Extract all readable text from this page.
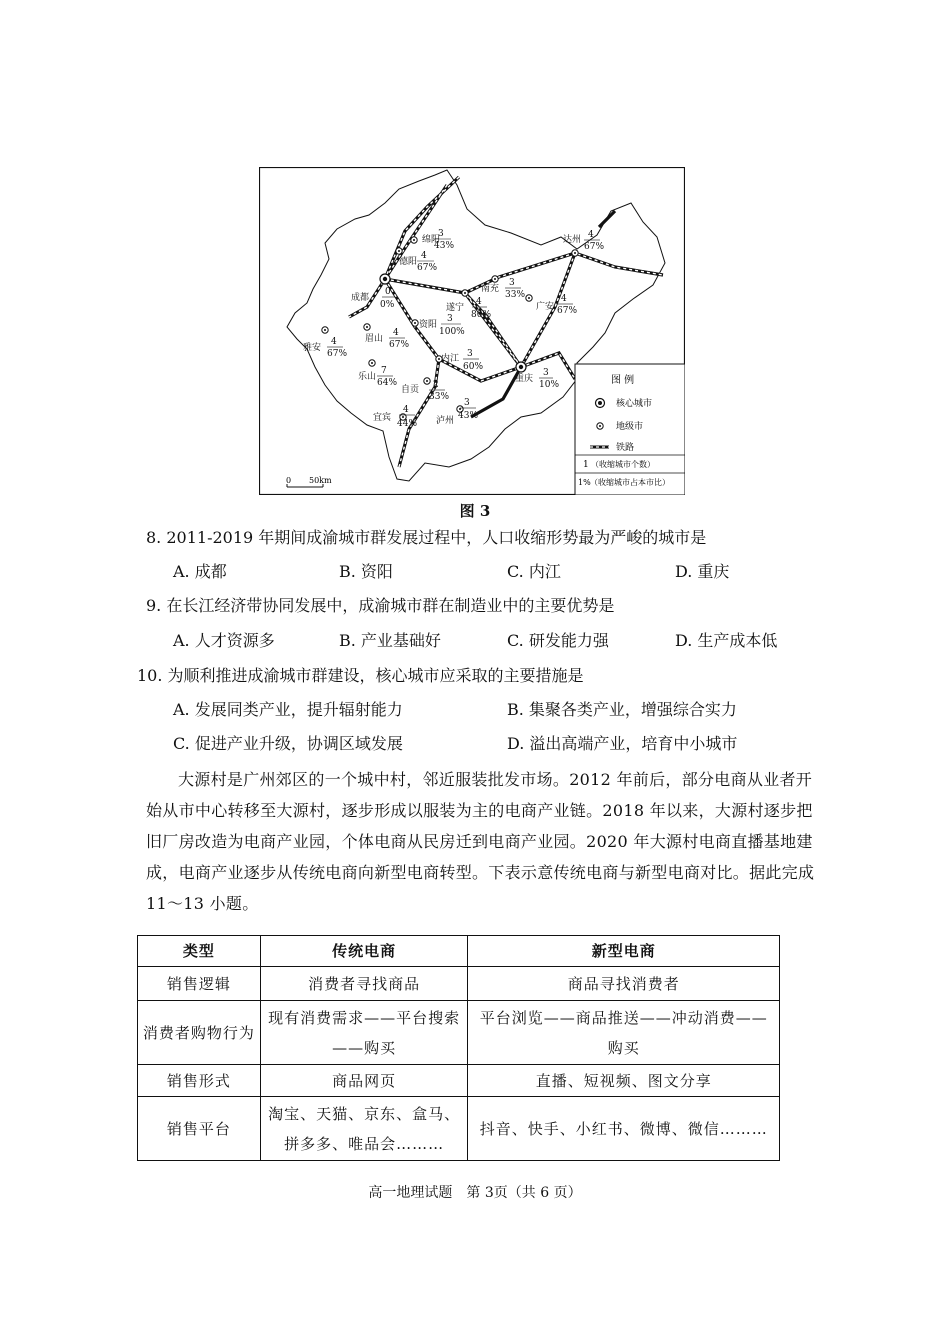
成都
0
0%
重庆
3
10%
绵阳
3
43%
德阳
4
67%
南充
3
33%
遂宁
4
80%
达州 4
67%
广安
4
67%
资阳
3
100%
眉山
4
67%
雅安
4
67%
乐山
7
64%
内江 3
60%
自贡 2
33%
宜宾
4
44% 泸州
3
43%
0 50km
图 例
核心城市
地级市
铁路
1 （收缩城市个数）
1% （收缩城市占本市比）
图 3
8. 2011-2019 年期间成渝城市群发展过程中，人口收缩形势最为严峻的城市是
A. 成都	B. 资阳	C. 内江	D. 重庆
9. 在长江经济带协同发展中，成渝城市群在制造业中的主要优势是
A. 人才资源多	B. 产业基础好	C. 研发能力强	D. 生产成本低
10. 为顺利推进成渝城市群建设，核心城市应采取的主要措施是
A. 发展同类产业，提升辐射能力	B. 集聚各类产业，增强综合实力
C. 促进产业升级，协调区域发展	D. 溢出高端产业，培育中小城市
大源村是广州郊区的一个城中村，邻近服装批发市场。2012 年前后，部分电商从业者开始从市中心转移至大源村，逐步形成以服装为主的电商产业链。2018 年以来，大源村逐步把旧厂房改造为电商产业园，个体电商从民房迁到电商产业园。2020 年大源村电商直播基地建成，电商产业逐步从传统电商向新型电商转型。下表示意传统电商与新型电商对比。据此完成 11～13 小题。
类型	传统电商	新型电商
销售逻辑	消费者寻找商品	商品寻找消费者
消费者购物行为	现有消费需求——平台搜索——购买	平台浏览——商品推送——冲动消费——购买
销售形式	商品网页	直播、短视频、图文分享
销售平台	淘宝、天猫、京东、盒马、拼多多、唯品会………	抖音、快手、小红书、微博、微信………
高一地理试题　第 3页（共 6 页）
